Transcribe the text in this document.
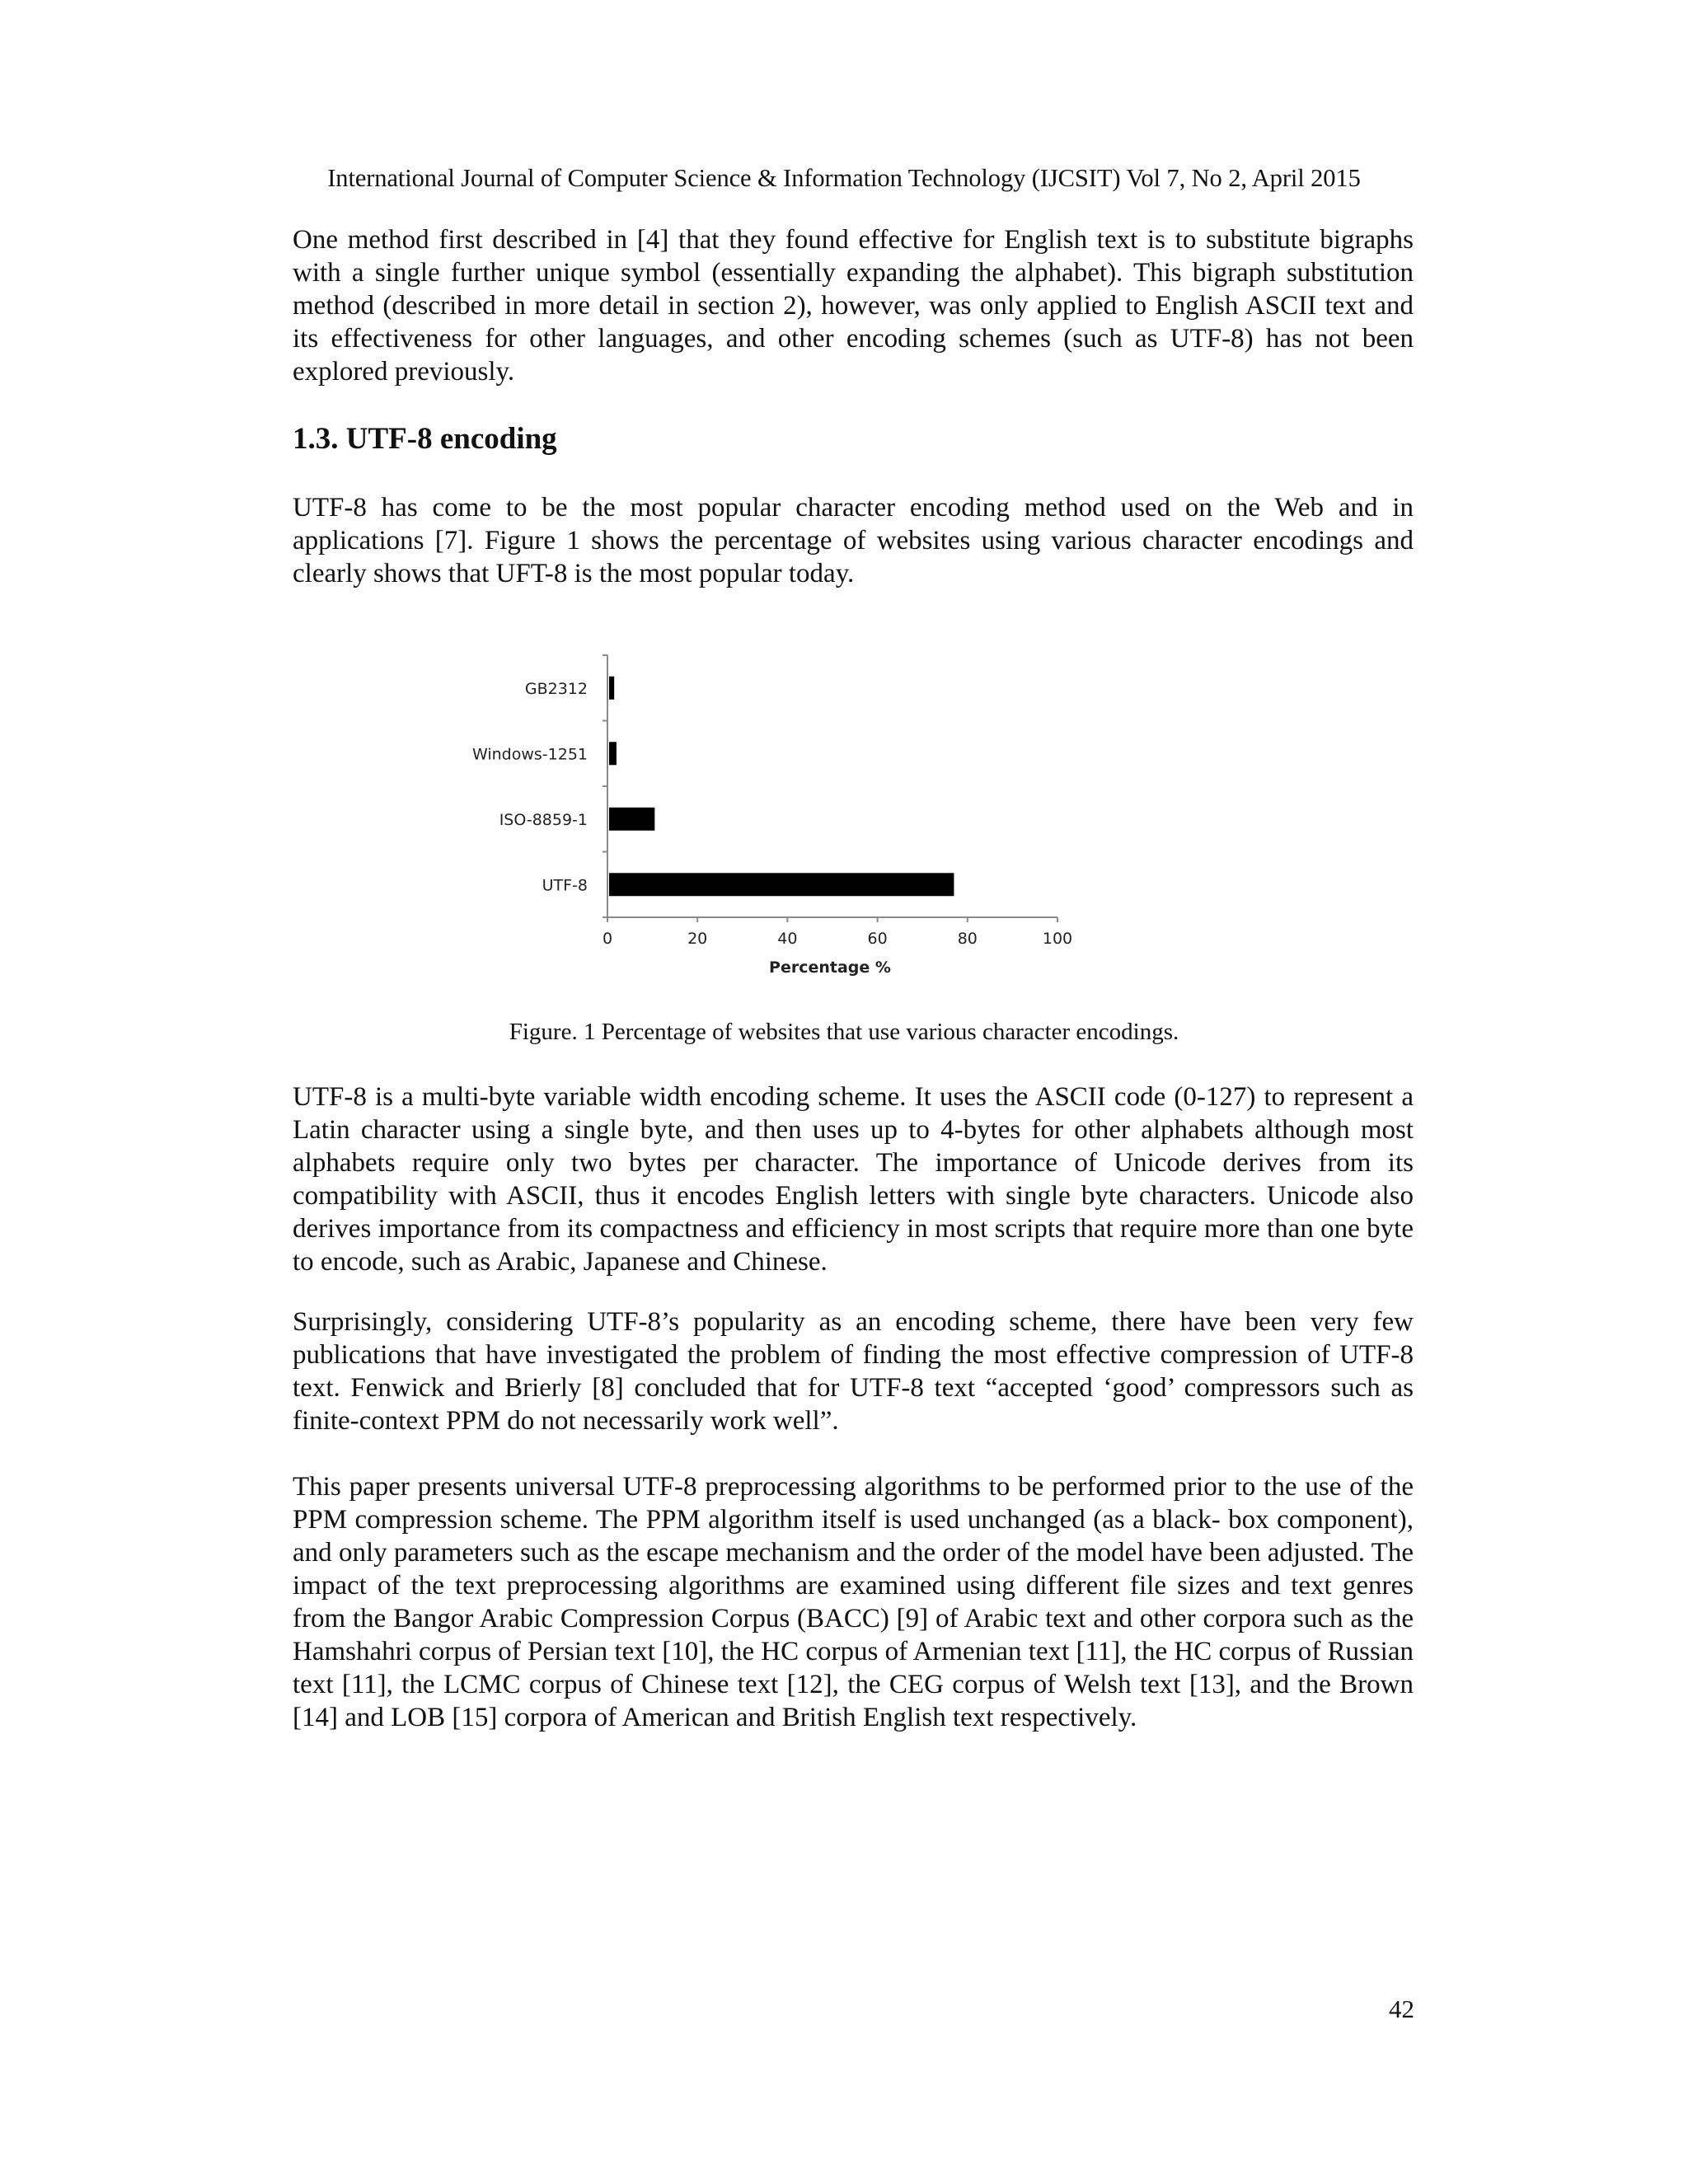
International Journal of Computer Science & Information Technology (IJCSIT) Vol 7, No 2, April 2015
One method first described in [4] that they found effective for English text is to substitute bigraphs with a single further unique symbol (essentially expanding the alphabet). This bigraph substitution method (described in more detail in section 2), however, was only applied to English ASCII text and its effectiveness for other languages, and other encoding schemes (such as UTF-8) has not been explored previously.
1.3. UTF-8 encoding
UTF-8 has come to be the most popular character encoding method used on the Web and in applications [7]. Figure 1 shows the percentage of websites using various character encodings and clearly shows that UFT-8 is the most popular today.
GB2312
Windows-1251
ISO-8859-1
UTF-8
0	20	40	60	80	100
Percentage %
Figure. 1 Percentage of websites that use various character encodings.
UTF-8 is a multi-byte variable width encoding scheme. It uses the ASCII code (0-127) to represent a Latin character using a single byte, and then uses up to 4-bytes for other alphabets although most alphabets require only two bytes per character. The importance of Unicode derives from its compatibility with ASCII, thus it encodes English letters with single byte characters. Unicode also derives importance from its compactness and efficiency in most scripts that require more than one byte to encode, such as Arabic, Japanese and Chinese.
Surprisingly, considering UTF-8’s popularity as an encoding scheme, there have been very few publications that have investigated the problem of finding the most effective compression of UTF-8 text. Fenwick and Brierly [8] concluded that for UTF-8 text “accepted ‘good’ compressors such as finite-context PPM do not necessarily work well”.
This paper presents universal UTF-8 preprocessing algorithms to be performed prior to the use of the PPM compression scheme. The PPM algorithm itself is used unchanged (as a black- box component), and only parameters such as the escape mechanism and the order of the model have been adjusted. The impact of the text preprocessing algorithms are examined using different file sizes and text genres from the Bangor Arabic Compression Corpus (BACC) [9] of Arabic text and other corpora such as the Hamshahri corpus of Persian text [10], the HC corpus of Armenian text [11], the HC corpus of Russian text [11], the LCMC corpus of Chinese text [12], the CEG corpus of Welsh text [13], and the Brown [14] and LOB [15] corpora of American and British English text respectively.
42
